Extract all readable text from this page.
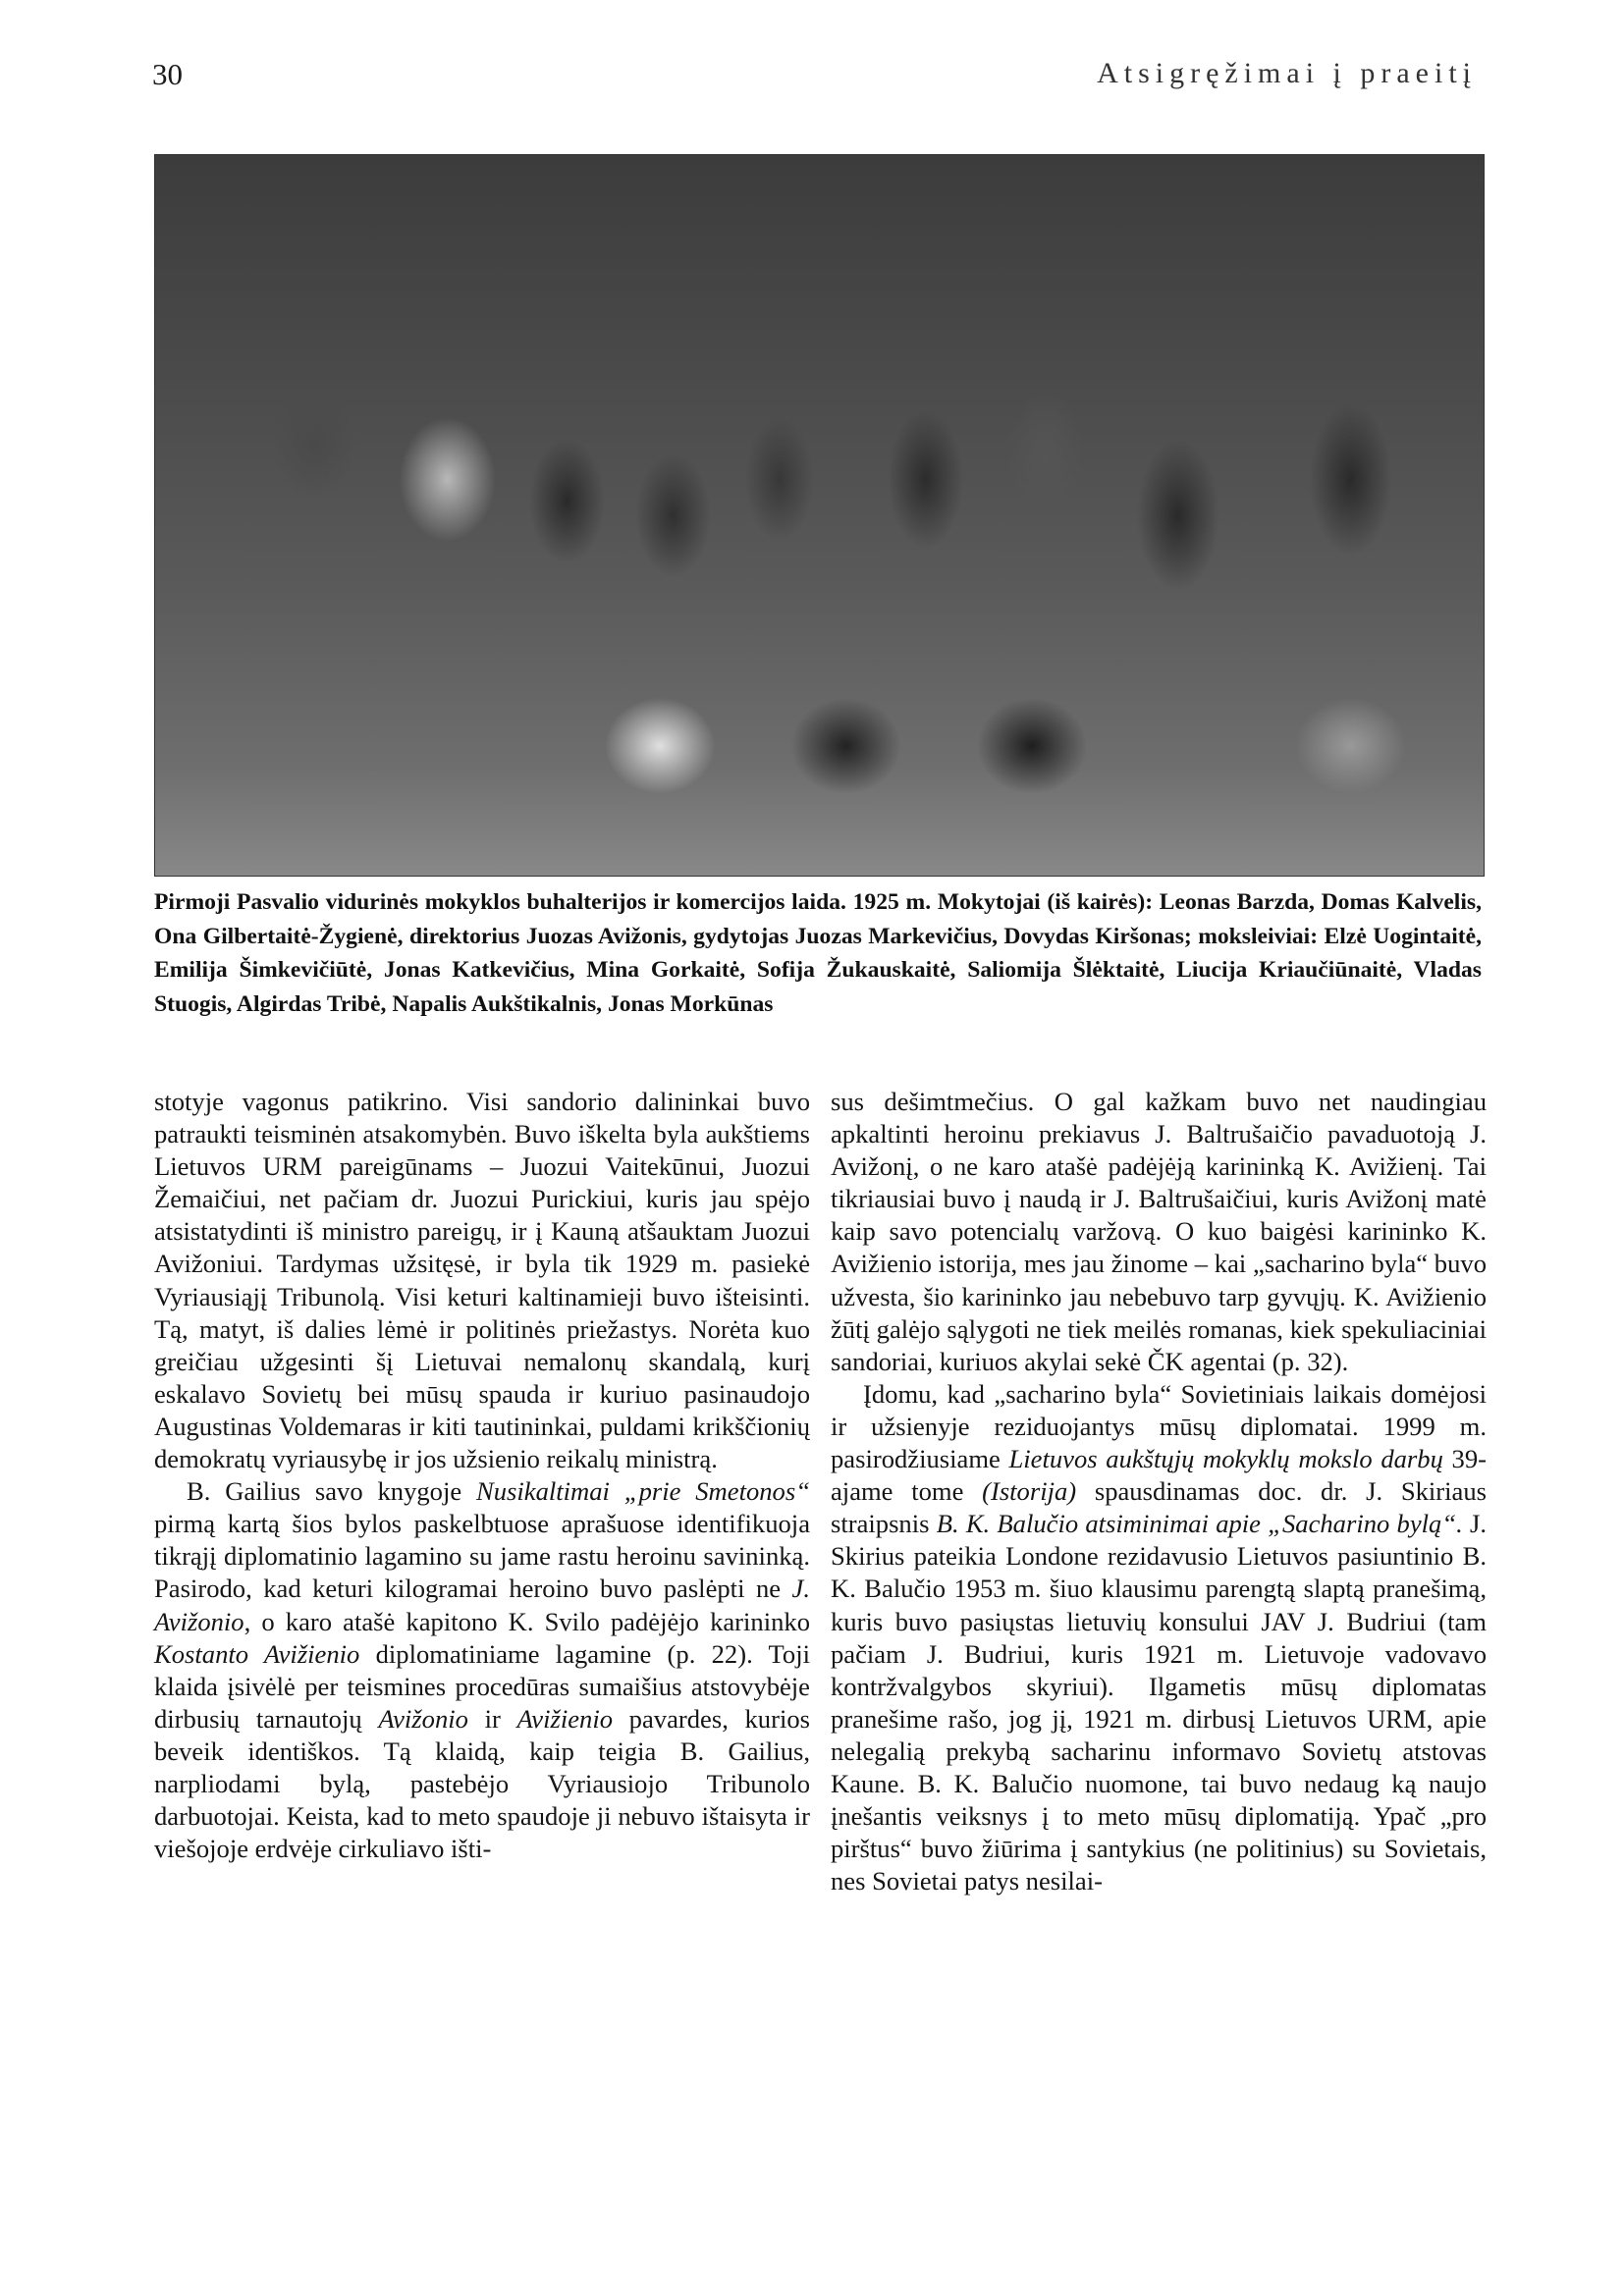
30	Atsigręžimai į praeitį
Pirmoji Pasvalio vidurinės mokyklos buhalterijos ir komercijos laida. 1925 m. Mokytojai (iš kairės): Leonas Barzda, Domas Kalvelis, Ona Gilbertaitė-Žygienė, direktorius Juozas Avižonis, gydytojas Juozas Markevičius, Dovydas Kiršonas; moksleiviai: Elzė Uogintaitė, Emilija Šimkevičiūtė, Jonas Katkevičius, Mina Gorkaitė, Sofija Žukauskaitė, Saliomija Šlėktaitė, Liucija Kriaučiūnaitė, Vladas Stuogis, Algirdas Tribė, Napalis Aukštikalnis, Jonas Morkūnas

stotyje vagonus patikrino. Visi sandorio dalininkai buvo patraukti teisminėn atsakomybėn. Buvo iškelta byla aukštiems Lietuvos URM pareigūnams – Juozui Vaitekūnui, Juozui Žemaičiui, net pačiam dr. Juozui Purickiui, kuris jau spėjo atsistatydinti iš ministro pareigų, ir į Kauną atšauktam Juozui Avižoniui. Tardymas užsitęsė, ir byla tik 1929 m. pasiekė Vyriausiąjį Tribunolą. Visi keturi kaltinamieji buvo išteisinti. Tą, matyt, iš dalies lėmė ir politinės priežastys. Norėta kuo greičiau užgesinti šį Lietuvai nemalonų skandalą, kurį eskalavo Sovietų bei mūsų spauda ir kuriuo pasinaudojo Augustinas Voldemaras ir kiti tautininkai, puldami krikščionių demokratų vyriausybę ir jos užsienio reikalų ministrą.

B. Gailius savo knygoje Nusikaltimai „prie Smetonos“ pirmą kartą šios bylos paskelbtuose aprašuose identifikuoja tikrąjį diplomatinio lagamino su jame rastu heroinu savininką. Pasirodo, kad keturi kilogramai heroino buvo paslėpti ne J. Avižonio, o karo atašė kapitono K. Svilo padėjėjo karininko Kostanto Avižienio diplomatiniame lagamine (p. 22). Toji klaida įsivėlė per teismines procedūras sumaišius atstovybėje dirbusių tarnautojų Avižonio ir Avižienio pavardes, kurios beveik identiškos. Tą klaidą, kaip teigia B. Gailius, narpliodami bylą, pastebėjo Vyriausiojo Tribunolo darbuotojai. Keista, kad to meto spaudoje ji nebuvo ištaisyta ir viešojoje erdvėje cirkuliavo išti-

sus dešimtmečius. O gal kažkam buvo net naudingiau apkaltinti heroinu prekiavus J. Baltrušaičio pavaduotoją J. Avižonį, o ne karo atašė padėjėją karininką K. Avižienį. Tai tikriausiai buvo į naudą ir J. Baltrušaičiui, kuris Avižonį matė kaip savo potencialų varžovą. O kuo baigėsi karininko K. Avižienio istorija, mes jau žinome – kai „sacharino byla“ buvo užvesta, šio karininko jau nebebuvo tarp gyvųjų. K. Avižienio žūtį galėjo sąlygoti ne tiek meilės romanas, kiek spekuliaciniai sandoriai, kuriuos akylai sekė ČK agentai (p. 32).

Įdomu, kad „sacharino byla“ Sovietiniais laikais domėjosi ir užsienyje reziduojantys mūsų diplomatai. 1999 m. pasirodžiusiame Lietuvos aukštųjų mokyklų mokslo darbų 39-ajame tome (Istorija) spausdinamas doc. dr. J. Skiriaus straipsnis B. K. Balučio atsiminimai apie „Sacharino bylą“. J. Skirius pateikia Londone rezidavusio Lietuvos pasiuntinio B. K. Balučio 1953 m. šiuo klausimu parengtą slaptą pranešimą, kuris buvo pasiųstas lietuvių konsului JAV J. Budriui (tam pačiam J. Budriui, kuris 1921 m. Lietuvoje vadovavo kontržvalgybos skyriui). Ilgametis mūsų diplomatas pranešime rašo, jog jį, 1921 m. dirbusį Lietuvos URM, apie nelegalią prekybą sacharinu informavo Sovietų atstovas Kaune. B. K. Balučio nuomone, tai buvo nedaug ką naujo įnešantis veiksnys į to meto mūsų diplomatiją. Ypač „pro pirštus“ buvo žiūrima į santykius (ne politinius) su Sovietais, nes Sovietai patys nesilai-
